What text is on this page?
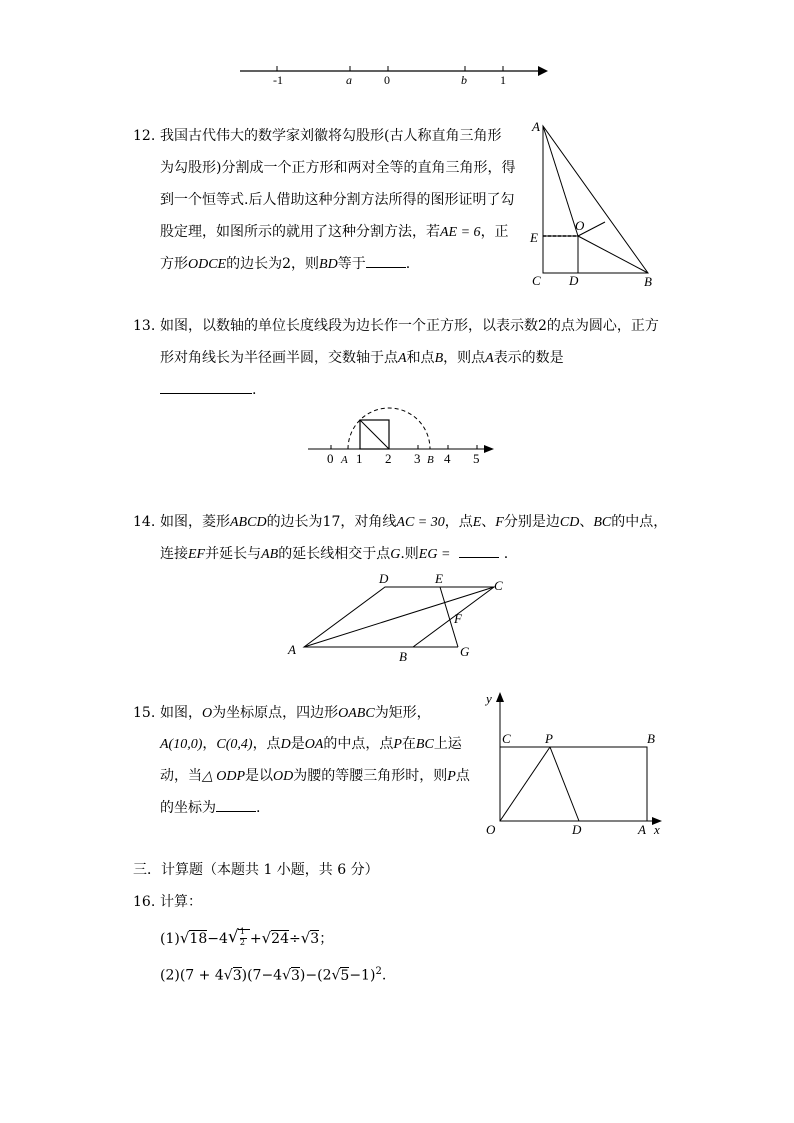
-1	a	0	b	1
12. 我国古代伟大的数学家刘徽将勾股形(古人称直角三角形
为勾股形)分割成一个正方形和两对全等的直角三角形，得
到一个恒等式.后人借助这种分割方法所得的图形证明了勾
股定理，如图所示的就用了这种分割方法，若AE = 6，正
方形ODCE的边长为2，则BD等于	.
A
E
O
C D	B
13. 如图，以数轴的单位长度线段为边长作一个正方形，以表示数2的点为圆心，正方
形对角线长为半径画半圆，交数轴于点A和点B，则点A表示的数是
.
0 A 1 2 3 B 4 5
14. 如图，菱形ABCD的边长为17，对角线AC = 30，点E、F分别是边CD、BC的中点，
连接EF并延长与AB的延长线相交于点G.则EG =	.
D	E	C
F
A	B	G
15. 如图，O为坐标原点，四边形OABC为矩形，
A(10,0)，C(0,4)，点D是OA的中点，点P在BC上运
动，当△ ODP是以OD为腰的等腰三角形时，则P点
的坐标为	.
y
x
C	P	B
O	D	A
三．计算题（本题共 1 小题，共 6 分）
16. 计算：
(1)√18−4 √ 1
2 +√24÷√3；
$(2)(7 + 4√3)(7-4√3)-(2√5-1)^2$.
